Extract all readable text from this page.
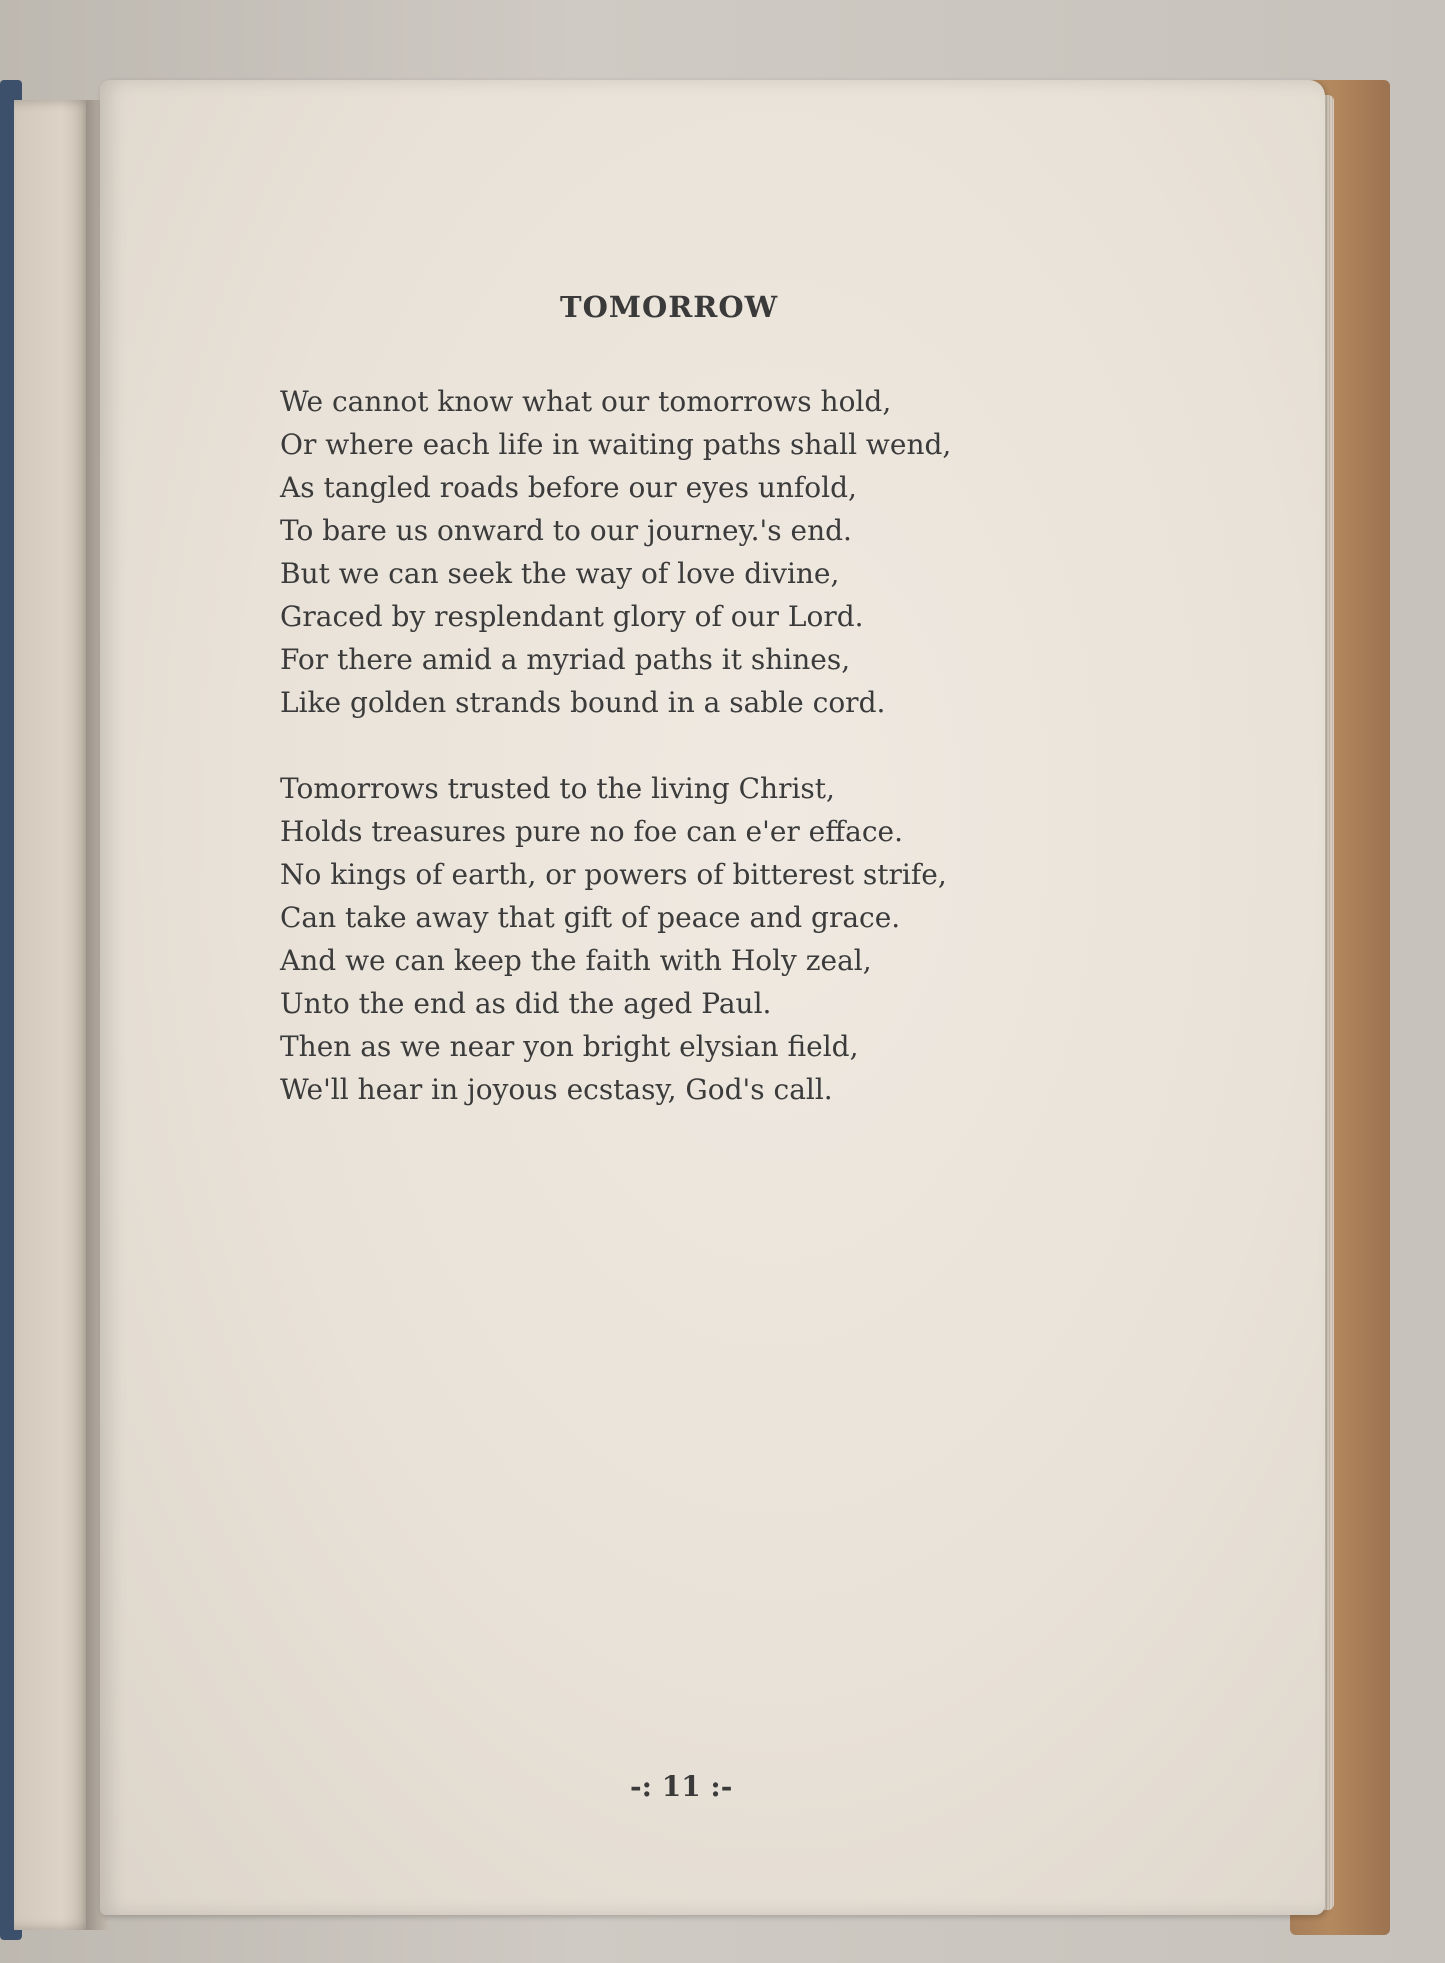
TOMORROW
We cannot know what our tomorrows hold,
Or where each life in waiting paths shall wend,
As tangled roads before our eyes unfold,
To bare us onward to our journey.'s end.
But we can seek the way of love divine,
Graced by resplendant glory of our Lord.
For there amid a myriad paths it shines,
Like golden strands bound in a sable cord.
Tomorrows trusted to the living Christ,
Holds treasures pure no foe can e'er efface.
No kings of earth, or powers of bitterest strife,
Can take away that gift of peace and grace.
And we can keep the faith with Holy zeal,
Unto the end as did the aged Paul.
Then as we near yon bright elysian field,
We'll hear in joyous ecstasy, God's call.
-: 11 :-
